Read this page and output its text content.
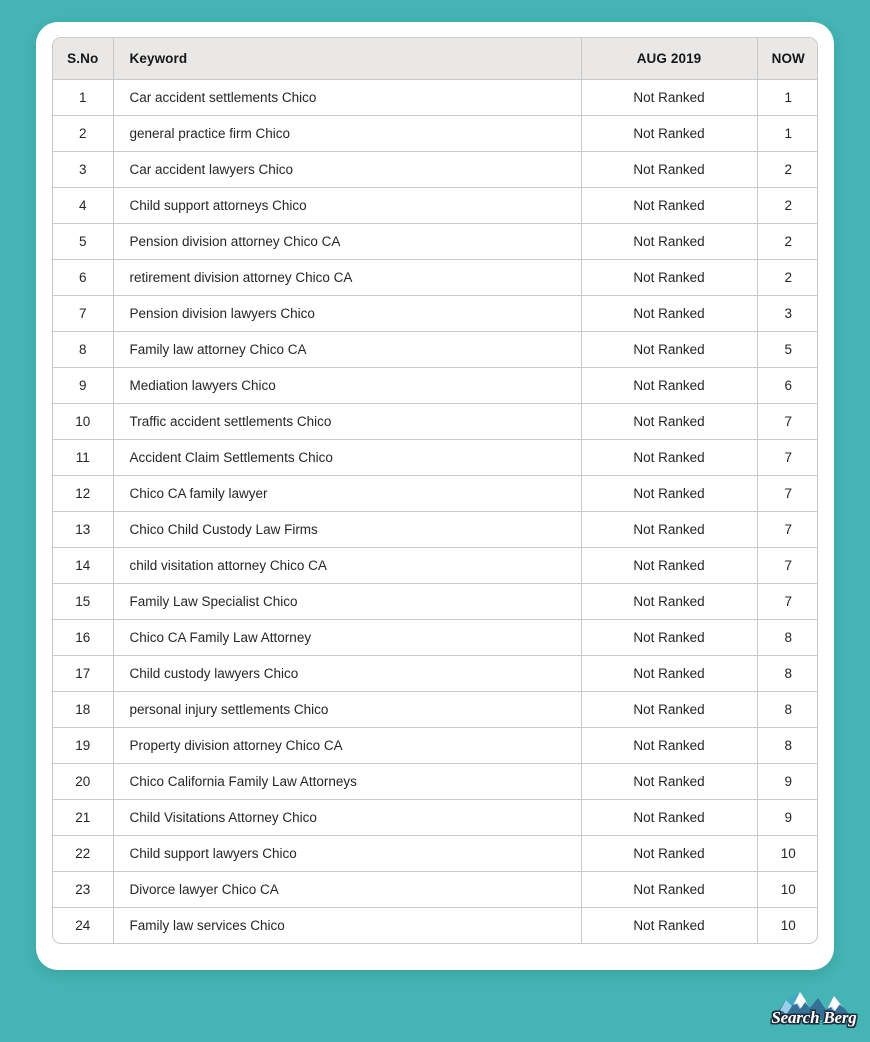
S.No	Keyword	AUG 2019	NOW
1	Car accident settlements Chico	Not Ranked	1
2	general practice firm Chico	Not Ranked	1
3	Car accident lawyers Chico	Not Ranked	2
4	Child support attorneys Chico	Not Ranked	2
5	Pension division attorney Chico CA	Not Ranked	2
6	retirement division attorney Chico CA	Not Ranked	2
7	Pension division lawyers Chico	Not Ranked	3
8	Family law attorney Chico CA	Not Ranked	5
9	Mediation lawyers Chico	Not Ranked	6
10	Traffic accident settlements Chico	Not Ranked	7
11	Accident Claim Settlements Chico	Not Ranked	7
12	Chico CA family lawyer	Not Ranked	7
13	Chico Child Custody Law Firms	Not Ranked	7
14	child visitation attorney Chico CA	Not Ranked	7
15	Family Law Specialist Chico	Not Ranked	7
16	Chico CA Family Law Attorney	Not Ranked	8
17	Child custody lawyers Chico	Not Ranked	8
18	personal injury settlements Chico	Not Ranked	8
19	Property division attorney Chico CA	Not Ranked	8
20	Chico California Family Law Attorneys	Not Ranked	9
21	Child Visitations Attorney Chico	Not Ranked	9
22	Child support lawyers Chico	Not Ranked	10
23	Divorce lawyer Chico CA	Not Ranked	10
24	Family law services Chico	Not Ranked	10
Search Berg
